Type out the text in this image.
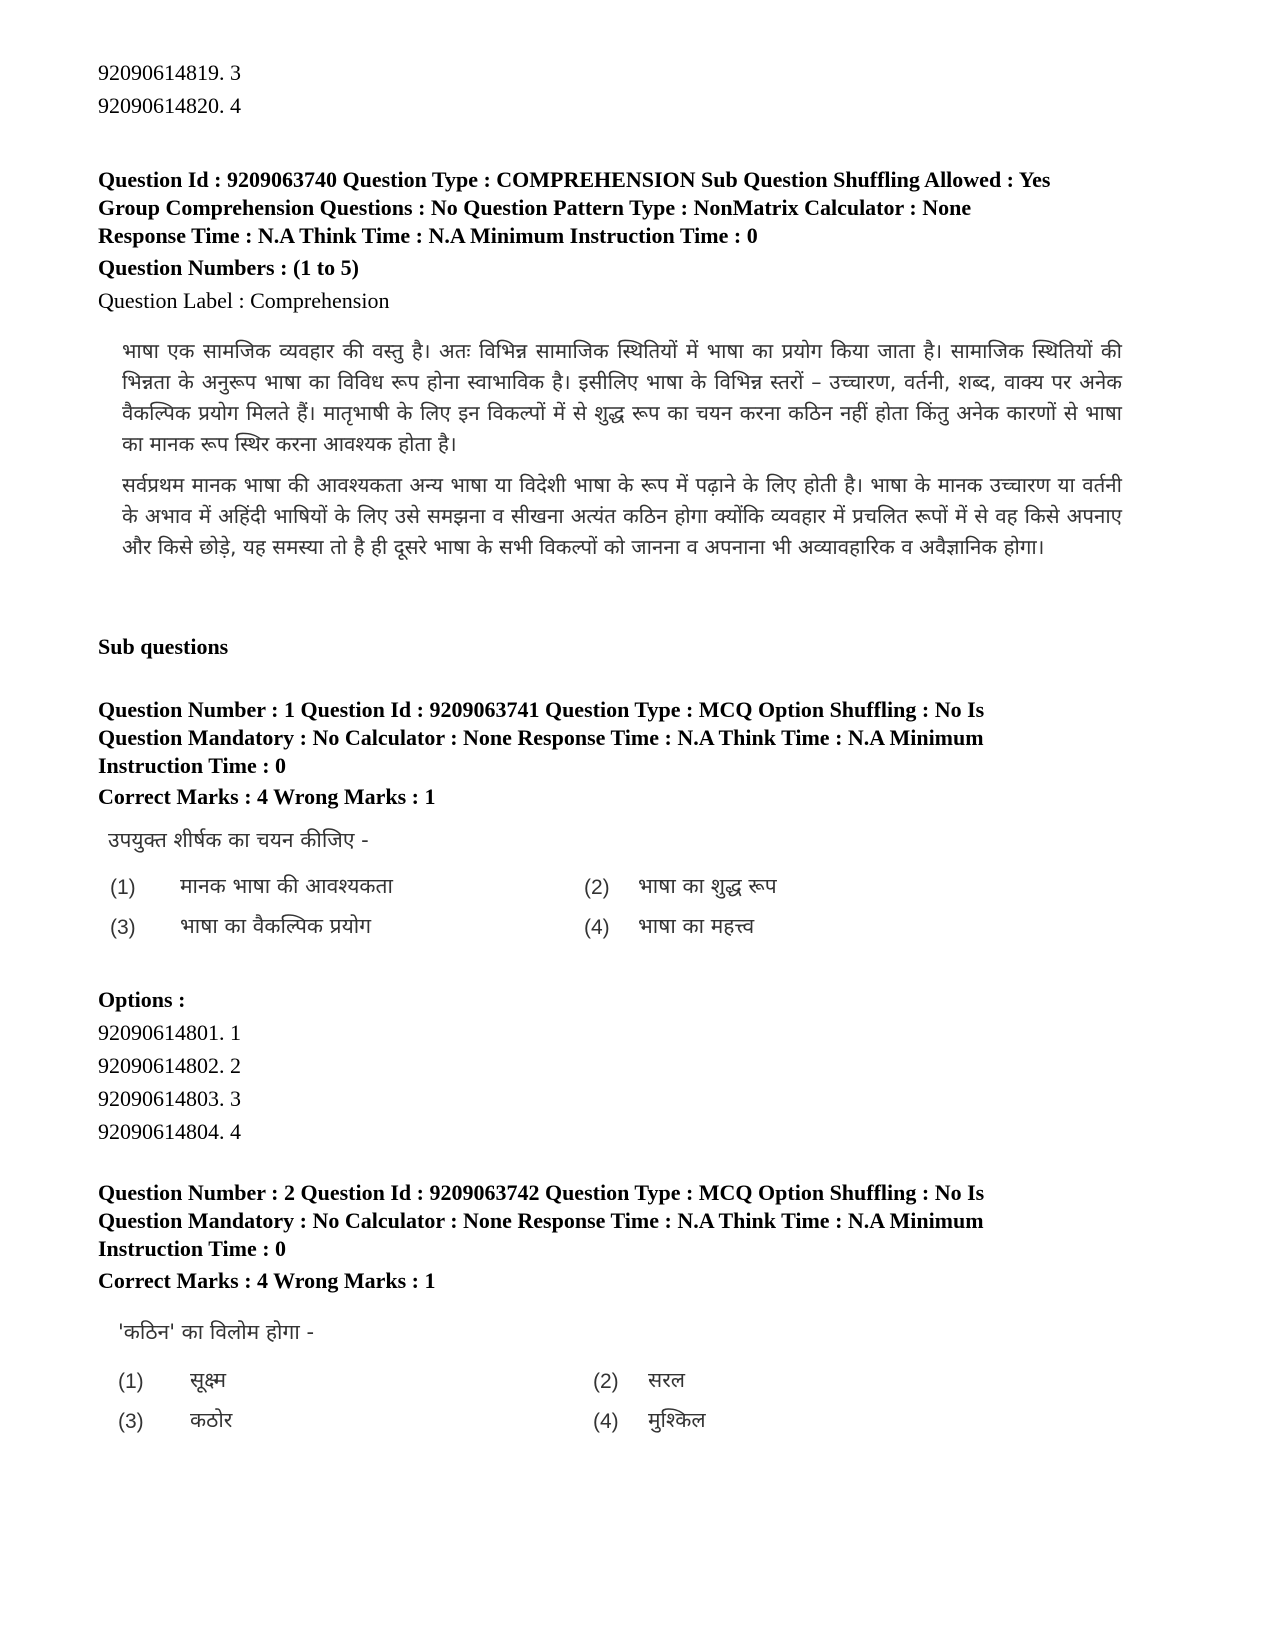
92090614819. 3
92090614820. 4
Question Id : 9209063740 Question Type : COMPREHENSION Sub Question Shuffling Allowed : Yes
Group Comprehension Questions : No Question Pattern Type : NonMatrix Calculator : None
Response Time : N.A Think Time : N.A Minimum Instruction Time : 0
Question Numbers : (1 to 5)
Question Label : Comprehension

भाषा एक सामजिक व्यवहार की वस्तु है। अतः विभिन्न सामाजिक स्थितियों में भाषा का प्रयोग किया जाता है। सामाजिक स्थितियों की भिन्नता के अनुरूप भाषा का विविध रूप होना स्वाभाविक है। इसीलिए भाषा के विभिन्न स्तरों – उच्चारण, वर्तनी, शब्द, वाक्य पर अनेक वैकल्पिक प्रयोग मिलते हैं। मातृभाषी के लिए इन विकल्पों में से शुद्ध रूप का चयन करना कठिन नहीं होता किंतु अनेक कारणों से भाषा का मानक रूप स्थिर करना आवश्यक होता है।

सर्वप्रथम मानक भाषा की आवश्यकता अन्य भाषा या विदेशी भाषा के रूप में पढ़ाने के लिए होती है। भाषा के मानक उच्चारण या वर्तनी के अभाव में अहिंदी भाषियों के लिए उसे समझना व सीखना अत्यंत कठिन होगा क्योंकि व्यवहार में प्रचलित रूपों में से वह किसे अपनाए और किसे छोड़े, यह समस्या तो है ही दूसरे भाषा के सभी विकल्पों को जानना व अपनाना भी अव्यावहारिक व अवैज्ञानिक होगा।

Sub questions
Question Number : 1 Question Id : 9209063741 Question Type : MCQ Option Shuffling : No Is
Question Mandatory : No Calculator : None Response Time : N.A Think Time : N.A Minimum
Instruction Time : 0
Correct Marks : 4 Wrong Marks : 1
उपयुक्त शीर्षक का चयन कीजिए -
(1) मानक भाषा की आवश्यकता	(2) भाषा का शुद्ध रूप
(3) भाषा का वैकल्पिक प्रयोग	(4) भाषा का महत्त्व
Options :
92090614801. 1
92090614802. 2
92090614803. 3
92090614804. 4
Question Number : 2 Question Id : 9209063742 Question Type : MCQ Option Shuffling : No Is
Question Mandatory : No Calculator : None Response Time : N.A Think Time : N.A Minimum
Instruction Time : 0
Correct Marks : 4 Wrong Marks : 1
'कठिन' का विलोम होगा -
(1) सूक्ष्म	(2) सरल
(3) कठोर	(4) मुश्किल
